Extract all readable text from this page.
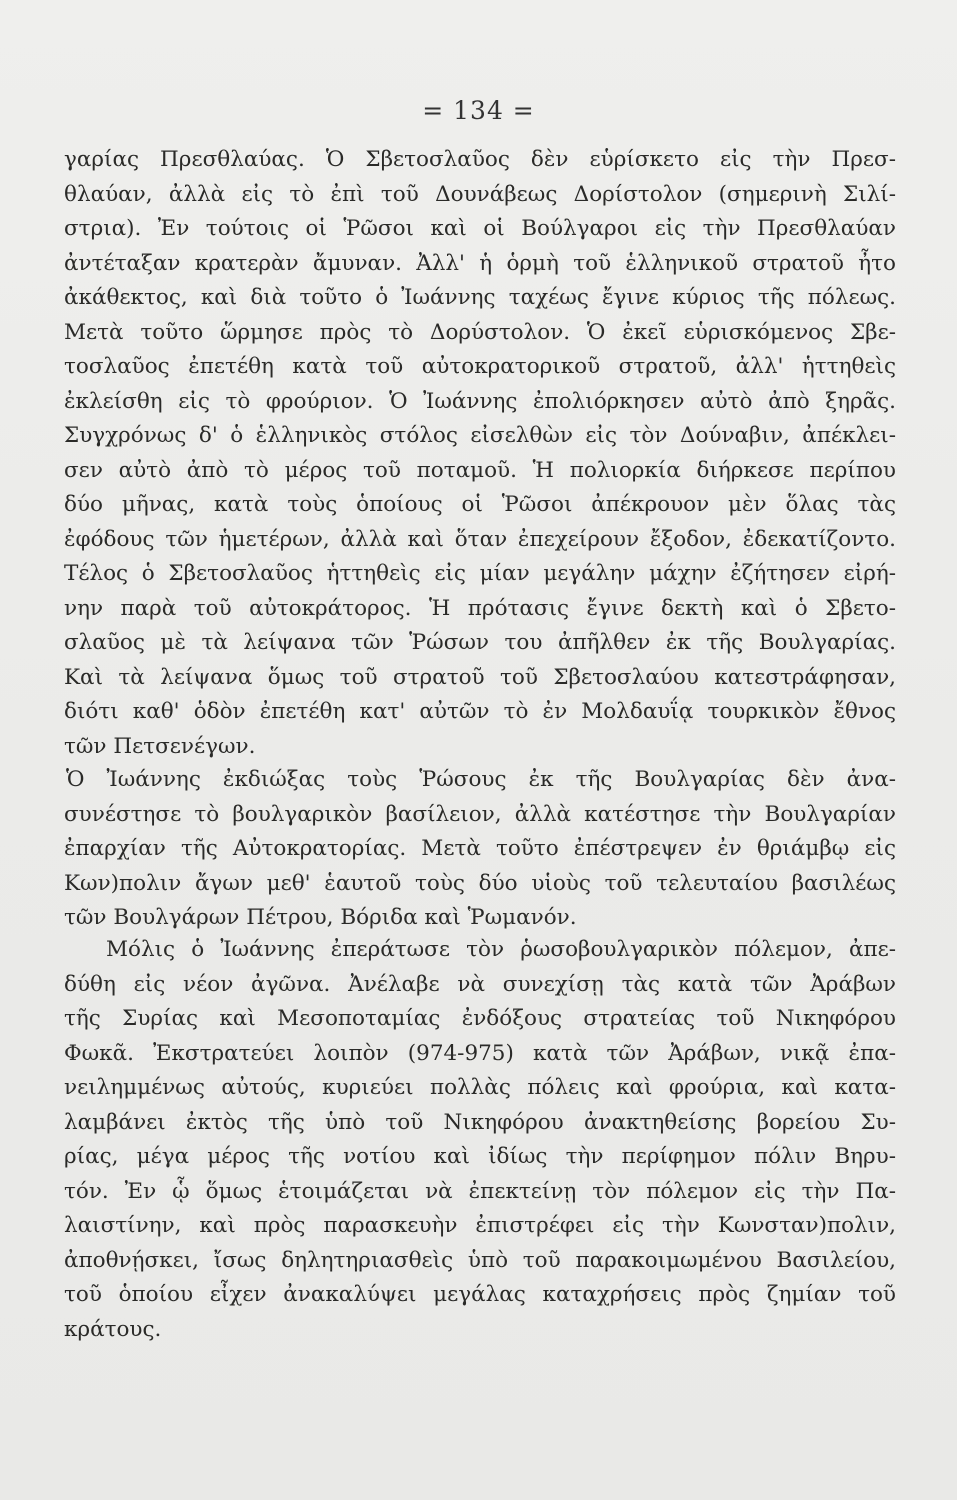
= 134 =
γαρίας Πρεσθλαύας. Ὁ Σβετοσλαῦος δὲν εὑρίσκετο εἰς τὴν Πρεσ-
θλαύαν, ἀλλὰ εἰς τὸ ἐπὶ τοῦ Δουνάβεως Δορίστολον (σημερινὴ Σιλί-
στρια). Ἐν τούτοις οἱ Ῥῶσοι καὶ οἱ Βούλγαροι εἰς τὴν Πρεσθλαύαν
ἀντέταξαν κρατερὰν ἄμυναν. Ἀλλ' ἡ ὁρμὴ τοῦ ἑλληνικοῦ στρατοῦ ἦτο
ἀκάθεκτος, καὶ διὰ τοῦτο ὁ Ἰωάννης ταχέως ἔγινε κύριος τῆς πόλεως.
Μετὰ τοῦτο ὥρμησε πρὸς τὸ Δορύστολον. Ὁ ἐκεῖ εὑρισκόμενος Σβε-
τοσλαῦος ἐπετέθη κατὰ τοῦ αὐτοκρατορικοῦ στρατοῦ, ἀλλ' ἡττηθεὶς
ἐκλείσθη εἰς τὸ φρούριον. Ὁ Ἰωάννης ἐπολιόρκησεν αὐτὸ ἀπὸ ξηρᾶς.
Συγχρόνως δ' ὁ ἑλληνικὸς στόλος εἰσελθὼν εἰς τὸν Δούναβιν, ἀπέκλει-
σεν αὐτὸ ἀπὸ τὸ μέρος τοῦ ποταμοῦ. Ἡ πολιορκία διήρκεσε περίπου
δύο μῆνας, κατὰ τοὺς ὁποίους οἱ Ῥῶσοι ἀπέκρουον μὲν ὅλας τὰς
ἐφόδους τῶν ἡμετέρων, ἀλλὰ καὶ ὅταν ἐπεχείρουν ἔξοδον, ἐδεκατίζοντο.
Τέλος ὁ Σβετοσλαῦος ἡττηθεὶς εἰς μίαν μεγάλην μάχην ἐζήτησεν εἰρή-
νην παρὰ τοῦ αὐτοκράτορος. Ἡ πρότασις ἔγινε δεκτὴ καὶ ὁ Σβετο-
σλαῦος μὲ τὰ λείψανα τῶν Ῥώσων του ἀπῆλθεν ἐκ τῆς Βουλγαρίας.
Καὶ τὰ λείψανα ὅμως τοῦ στρατοῦ τοῦ Σβετοσλαύου κατεστράφησαν,
διότι καθ' ὁδὸν ἐπετέθη κατ' αὐτῶν τὸ ἐν Μολδαυΐᾳ τουρκικὸν ἔθνος
τῶν Πετσενέγων.
Ὁ Ἰωάννης ἐκδιώξας τοὺς Ῥώσους ἐκ τῆς Βουλγαρίας δὲν ἀνα-
συνέστησε τὸ βουλγαρικὸν βασίλειον, ἀλλὰ κατέστησε τὴν Βουλγαρίαν
ἐπαρχίαν τῆς Αὐτοκρατορίας. Μετὰ τοῦτο ἐπέστρεψεν ἐν θριάμβῳ εἰς
Κων)πολιν ἄγων μεθ' ἑαυτοῦ τοὺς δύο υἱοὺς τοῦ τελευταίου βασιλέως
τῶν Βουλγάρων Πέτρου, Βόριδα καὶ Ῥωμανόν.
Μόλις ὁ Ἰωάννης ἐπεράτωσε τὸν ῥωσοβουλγαρικὸν πόλεμον, ἀπε-
δύθη εἰς νέον ἀγῶνα. Ἀνέλαβε νὰ συνεχίσῃ τὰς κατὰ τῶν Ἀράβων
τῆς Συρίας καὶ Μεσοποταμίας ἐνδόξους στρατείας τοῦ Νικηφόρου
Φωκᾶ. Ἐκστρατεύει λοιπὸν (974-975) κατὰ τῶν Ἀράβων, νικᾷ ἐπα-
νειλημμένως αὐτούς, κυριεύει πολλὰς πόλεις καὶ φρούρια, καὶ κατα-
λαμβάνει ἐκτὸς τῆς ὑπὸ τοῦ Νικηφόρου ἀνακτηθείσης βορείου Συ-
ρίας, μέγα μέρος τῆς νοτίου καὶ ἰδίως τὴν περίφημον πόλιν Βηρυ-
τόν. Ἐν ᾧ ὅμως ἑτοιμάζεται νὰ ἐπεκτείνῃ τὸν πόλεμον εἰς τὴν Πα-
λαιστίνην, καὶ πρὸς παρασκευὴν ἐπιστρέφει εἰς τὴν Κωνσταν)πολιν,
ἀποθνῄσκει, ἴσως δηλητηριασθεὶς ὑπὸ τοῦ παρακοιμωμένου Βασιλείου,
τοῦ ὁποίου εἶχεν ἀνακαλύψει μεγάλας καταχρήσεις πρὸς ζημίαν τοῦ
κράτους.
